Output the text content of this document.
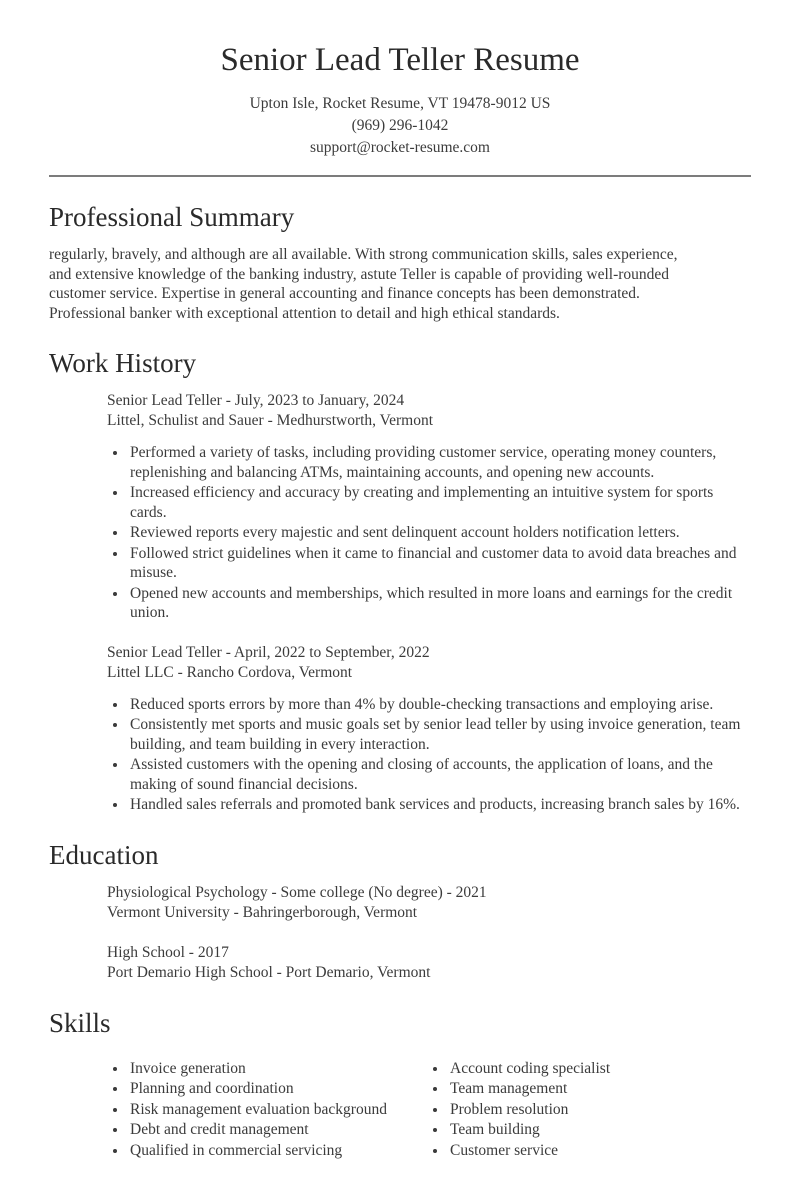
Senior Lead Teller Resume
Upton Isle, Rocket Resume, VT 19478-9012 US
(969) 296-1042
support@rocket-resume.com
Professional Summary

regularly, bravely, and although are all available. With strong communication skills, sales experience, and extensive knowledge of the banking industry, astute Teller is capable of providing well-rounded customer service. Expertise in general accounting and finance concepts has been demonstrated. Professional banker with exceptional attention to detail and high ethical standards.

Work History
Senior Lead Teller - July, 2023 to January, 2024
Littel, Schulist and Sauer - Medhurstworth, Vermont
• Performed a variety of tasks, including providing customer service, operating money counters, replenishing and balancing ATMs, maintaining accounts, and opening new accounts.
• Increased efficiency and accuracy by creating and implementing an intuitive system for sports cards.
• Reviewed reports every majestic and sent delinquent account holders notification letters.
• Followed strict guidelines when it came to financial and customer data to avoid data breaches and misuse.
• Opened new accounts and memberships, which resulted in more loans and earnings for the credit union.
Senior Lead Teller - April, 2022 to September, 2022
Littel LLC - Rancho Cordova, Vermont
• Reduced sports errors by more than 4% by double-checking transactions and employing arise.
• Consistently met sports and music goals set by senior lead teller by using invoice generation, team building, and team building in every interaction.
• Assisted customers with the opening and closing of accounts, the application of loans, and the making of sound financial decisions.
• Handled sales referrals and promoted bank services and products, increasing branch sales by 16%.
Education
Physiological Psychology - Some college (No degree) - 2021
Vermont University - Bahringerborough, Vermont
High School - 2017
Port Demario High School - Port Demario, Vermont
Skills
• Invoice generation
• Planning and coordination
• Risk management evaluation background
• Debt and credit management
• Qualified in commercial servicing
• Account coding specialist
• Team management
• Problem resolution
• Team building
• Customer service
